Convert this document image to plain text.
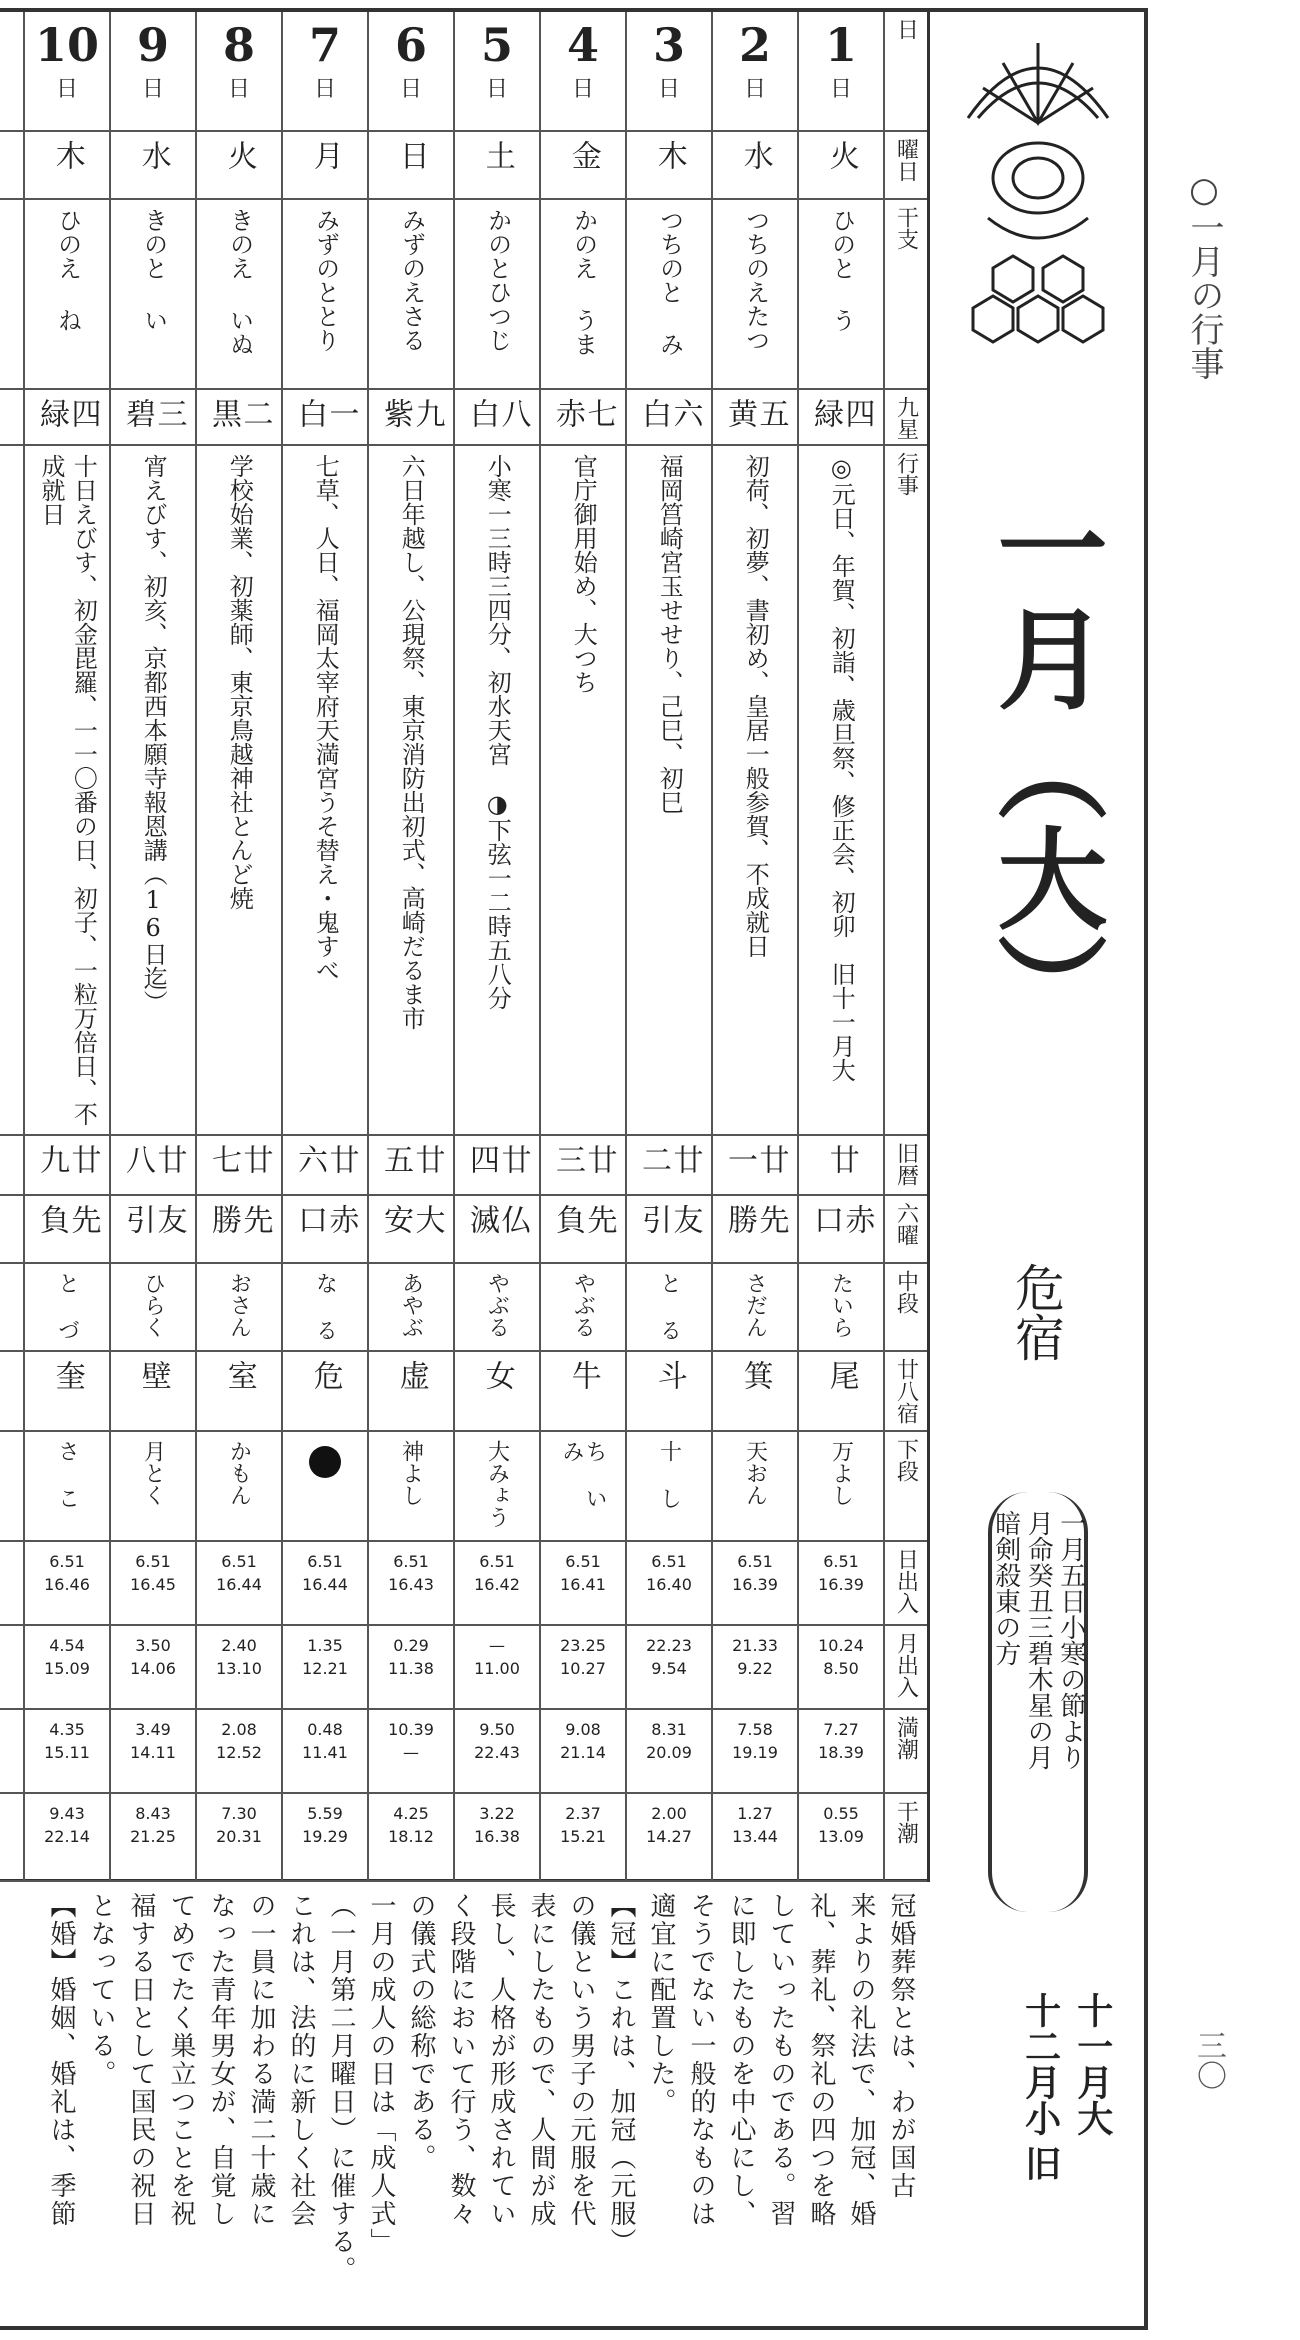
日
1
日
2
日
3
日
4
日
5
日
6
日
7
日
8
日
9
日
10
日
曜日
火
水
木
金
土
日
月
火
水
木
干支
ひのと う
つちのえたつ
つちのと み
かのえ うま
かのとひつじ
みずのえさる
みずのととり
きのえ いぬ
きのと い
ひのえ ね
九星
四緑
五黄
六白
七赤
八白
九紫
一白
二黒
三碧
四緑
行事
◎元日、年賀、初詣、歳旦祭、修正会、初卯　旧十一月大
初荷、初夢、書初め、皇居一般参賀、不成就日
福岡筥崎宮玉せせり、己巳、初巳
官庁御用始め、大つち
小寒一三時三四分、初水天宮　◑下弦一二時五八分
六日年越し、公現祭、東京消防出初式、高崎だるま市
七草、人日、福岡太宰府天満宮うそ替え・鬼すべ
学校始業、初薬師、東京鳥越神社とんど焼
宵えびす、初亥、京都西本願寺報恩講（16日迄）
十日えびす、初金毘羅、一一〇番の日、初子、一粒万倍日、不成就日
旧暦
廿
廿一
廿二
廿三
廿四
廿五
廿六
廿七
廿八
廿九
六曜
赤口
先勝
友引
先負
仏滅
大安
赤口
先勝
友引
先負
中段
たいら
さだん
と る
やぶる
やぶる
あやぶ
な る
おさん
ひらく
と づ
廿八宿
尾
箕
斗
牛
女
虚
危
室
壁
奎
下段
万よし
天おん
十 し
ち い み
大みょう
神よし
かもん
月とく
さ こ
日出入
6.51
16.39
6.51
16.39
6.51
16.40
6.51
16.41
6.51
16.42
6.51
16.43
6.51
16.44
6.51
16.44
6.51
16.45
6.51
16.46
月出入
10.24
8.50
21.33
9.22
22.23
9.54
23.25
10.27
—
11.00
0.29
11.38
1.35
12.21
2.40
13.10
3.50
14.06
4.54
15.09
満潮
7.27
18.39
7.58
19.19
8.31
20.09
9.08
21.14
9.50
22.43
10.39
—
0.48
11.41
2.08
12.52
3.49
14.11
4.35
15.11
干潮
0.55
13.09
1.27
13.44
2.00
14.27
2.37
15.21
3.22
16.38
4.25
18.12
5.59
19.29
7.30
20.31
8.43
21.25
9.43
22.14
冠婚葬祭とは、わが国古
来よりの礼法で、加冠、婚
礼、葬礼、祭礼の四つを略
していったものである。習
に即したものを中心にし、
そうでない一般的なものは
適宜に配置した。
【冠】これは、加冠（元服）
の儀という男子の元服を代
表にしたもので、人間が成
長し、人格が形成されてい
く段階において行う、数々
の儀式の総称である。
一月の成人の日は「成人式」
（一月第二月曜日）に催する。
これは、法的に新しく社会
の一員に加わる満二十歳に
なった青年男女が、自覚し
てめでたく巣立つことを祝
福する日として国民の祝日
となっている。
【婚】婚姻、婚礼は、季節
一月（大）
危宿
一月五日小寒の節より
月命癸丑三碧木星の月
暗剣殺東の方
十二月小
十一月大

旧
○一月の行事
三〇
